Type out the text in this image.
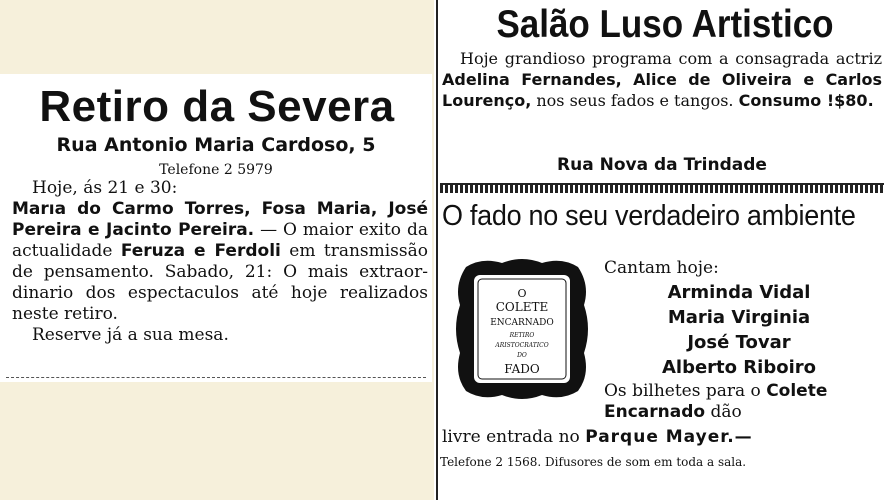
Retiro da Severa
Rua Antonio Maria Cardoso, 5
Telefone 2 5979

Hoje, ás 21 e 30:

Marıa do Carmo Torres, Fosa Maria, José Pereira e Jacinto Pereira. — O maior exito da actualidade Feruza e Ferdoli em transmissão de pensamento. Sabado, 21: O mais extraordinario dos espectaculos até hoje realizados neste retiro.

Reserve já a sua mesa.

Salão Luso Artistico

Hoje grandioso programa com a consagrada actriz Adelina Fernandes, Alice de Oliveira e Carlos Lourenço, nos seus fados e tangos. Consumo !$80.

Rua Nova da Trindade
O fado no seu verdadeiro ambiente
O
COLETE
ENCARNADO
RETIRO
ARISTOCRATICO
DO
FADO
Cantam hoje:
Arminda Vidal
Maria Virginia
José Tovar
Alberto Riboiro
Os bilhetes para o Colete Encarnado dão
livre entrada no Parque Mayer.—
Telefone 2 1568. Difusores de som em toda a sala.
